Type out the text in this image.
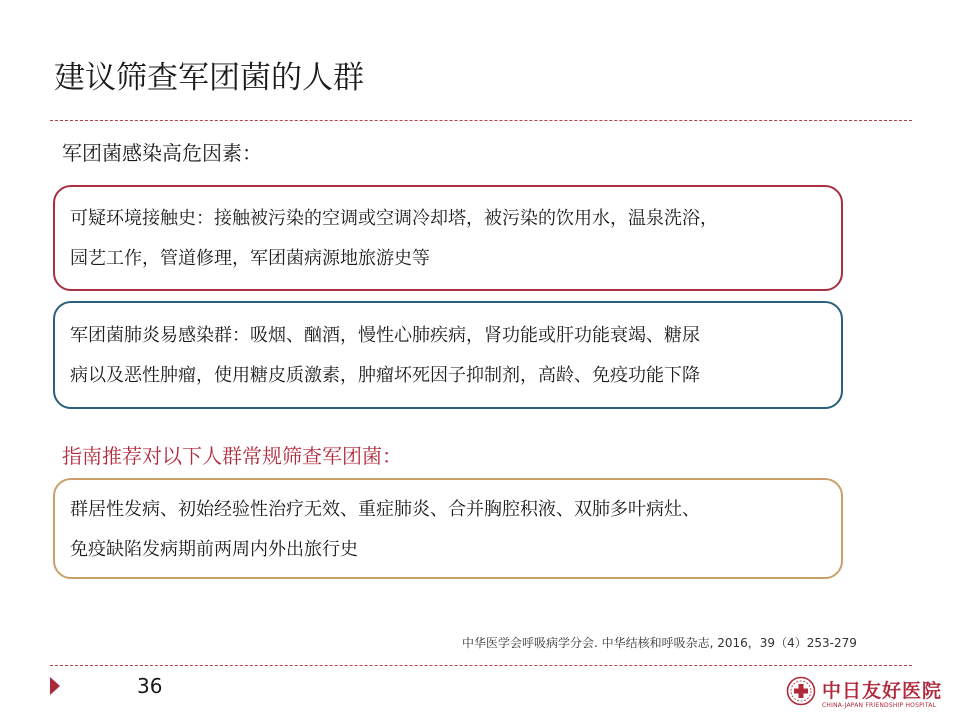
建议筛查军团菌的人群
军团菌感染高危因素：

可疑环境接触史：接触被污染的空调或空调冷却塔，被污染的饮用水，温泉洗浴，
园艺工作，管道修理，军团菌病源地旅游史等

军团菌肺炎易感染群：吸烟、酗酒，慢性心肺疾病，肾功能或肝功能衰竭、糖尿
病以及恶性肿瘤，使用糖皮质激素，肿瘤坏死因子抑制剂，高龄、免疫功能下降

指南推荐对以下人群常规筛查军团菌：

群居性发病、初始经验性治疗无效、重症肺炎、合并胸腔积液、双肺多叶病灶、
免疫缺陷发病期前两周内外出旅行史

中华医学会呼吸病学分会. 中华结核和呼吸杂志, 2016，39（4）253-279
36	中日友好医院
CHINA-JAPAN FRIENDSHIP HOSPITAL
